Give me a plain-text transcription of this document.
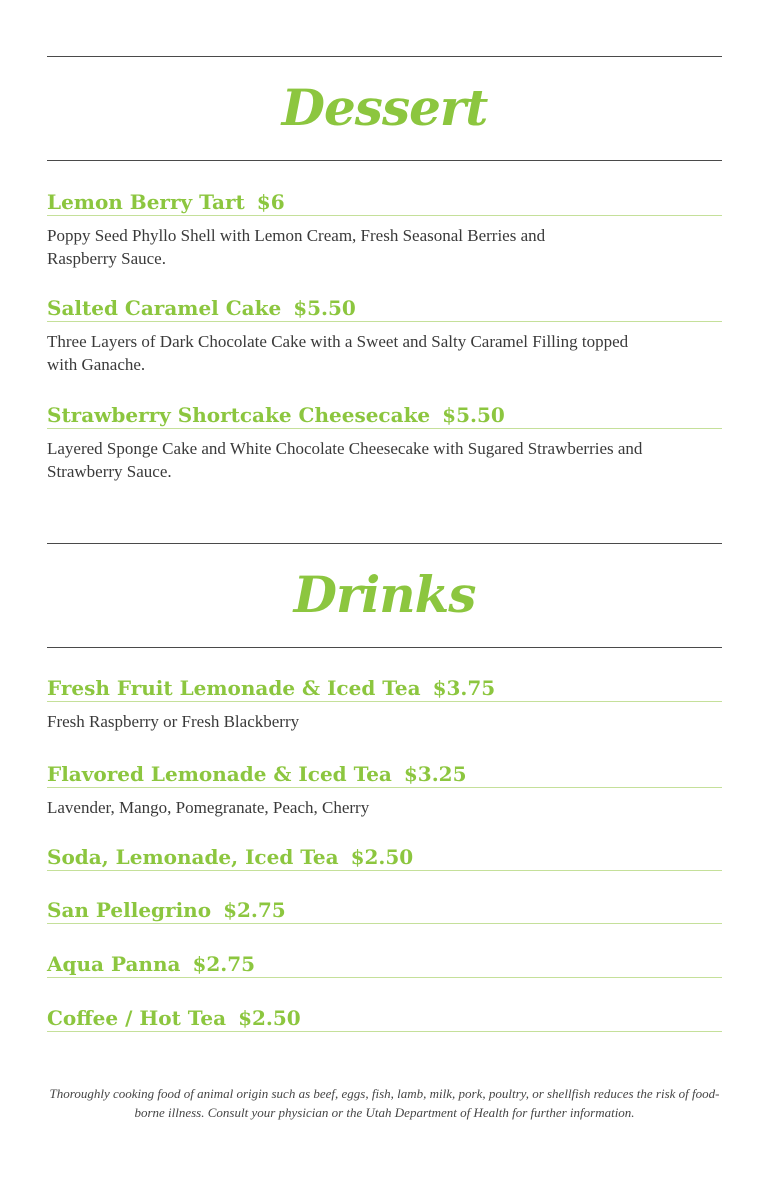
Dessert
Lemon Berry Tart $6
Poppy Seed Phyllo Shell with Lemon Cream, Fresh Seasonal Berries and Raspberry Sauce.
Salted Caramel Cake $5.50
Three Layers of Dark Chocolate Cake with a Sweet and Salty Caramel Filling topped with Ganache.
Strawberry Shortcake Cheesecake $5.50
Layered Sponge Cake and White Chocolate Cheesecake with Sugared Strawberries and Strawberry Sauce.
Drinks
Fresh Fruit Lemonade & Iced Tea $3.75
Fresh Raspberry or Fresh Blackberry
Flavored Lemonade & Iced Tea $3.25
Lavender, Mango, Pomegranate, Peach, Cherry
Soda, Lemonade, Iced Tea $2.50
San Pellegrino $2.75
Aqua Panna $2.75
Coffee / Hot Tea $2.50
Thoroughly cooking food of animal origin such as beef, eggs, fish, lamb, milk, pork, poultry, or shellfish reduces the risk of food-borne illness. Consult your physician or the Utah Department of Health for further information.
